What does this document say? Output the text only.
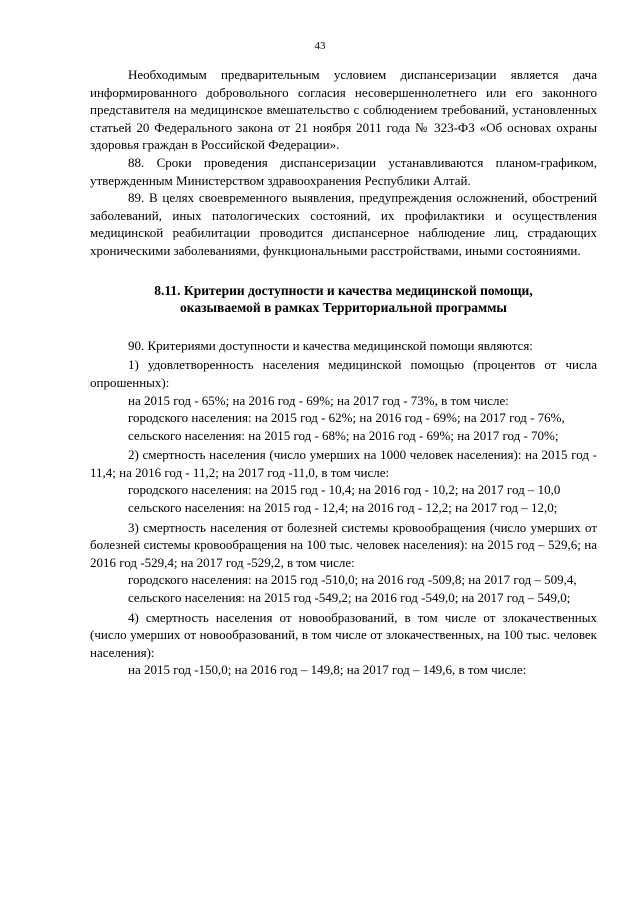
43

Необходимым предварительным условием диспансеризации является дача информированного добровольного согласия несовершеннолетнего или его законного представителя на медицинское вмешательство с соблюдением требований, установленных статьей 20 Федерального закона от 21 ноября 2011 года № 323-ФЗ «Об основах охраны здоровья граждан в Российской Федерации».

88. Сроки проведения диспансеризации устанавливаются планом-графиком, утвержденным Министерством здравоохранения Республики Алтай.

89. В целях своевременного выявления, предупреждения осложнений, обострений заболеваний, иных патологических состояний, их профилактики и осуществления медицинской реабилитации проводится диспансерное наблюдение лиц, страдающих хроническими заболеваниями, функциональными расстройствами, иными состояниями.

8.11. Критерии доступности и качества медицинской помощи,
оказываемой в рамках Территориальной программы

90. Критериями доступности и качества медицинской помощи являются:

1) удовлетворенность населения медицинской помощью (процентов от числа опрошенных):

на 2015 год - 65%; на 2016 год - 69%; на 2017 год - 73%, в том числе:

городского населения: на 2015 год - 62%; на 2016 год - 69%; на 2017 год - 76%,

сельского населения: на 2015 год - 68%; на 2016 год - 69%; на 2017 год - 70%;

2) смертность населения (число умерших на 1000 человек населения): на 2015 год - 11,4; на 2016 год - 11,2; на 2017 год -11,0, в том числе:

городского населения: на 2015 год - 10,4; на 2016 год - 10,2; на 2017 год – 10,0

сельского населения: на 2015 год - 12,4; на 2016 год - 12,2; на 2017 год – 12,0;

3) смертность населения от болезней системы кровообращения (число умерших от болезней системы кровообращения на 100 тыс. человек населения): на 2015 год – 529,6; на 2016 год -529,4; на 2017 год -529,2, в том числе:

городского населения: на 2015 год -510,0; на 2016 год -509,8; на 2017 год – 509,4,

сельского населения: на 2015 год -549,2; на 2016 год -549,0; на 2017 год – 549,0;

4) смертность населения от новообразований, в том числе от злокачественных (число умерших от новообразований, в том числе от злокачественных, на 100 тыс. человек населения):

на 2015 год -150,0; на 2016 год – 149,8; на 2017 год – 149,6, в том числе:
